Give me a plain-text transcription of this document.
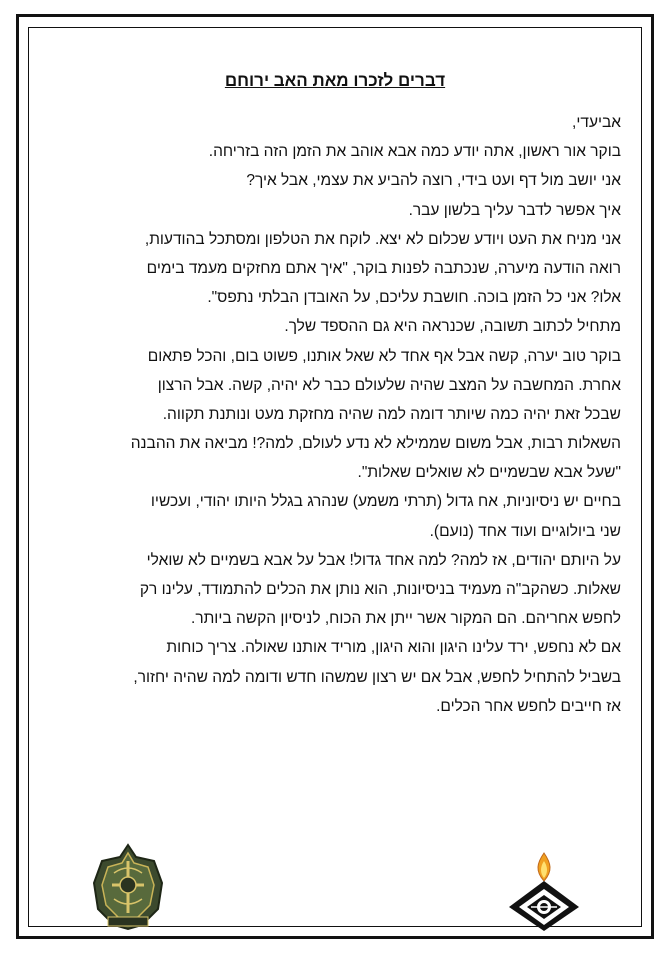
דברים לזכרו מאת האב ירוחם
אביעדי,
בוקר אור ראשון, אתה יודע כמה אבא אוהב את הזמן הזה בזריחה.
אני יושב מול דף ועט בידי, רוצה להביע את עצמי, אבל איך?
איך אפשר לדבר עליך בלשון עבר.
אני מניח את העט ויודע שכלום לא יצא. לוקח את הטלפון ומסתכל בהודעות,
רואה הודעה מיערה, שנכתבה לפנות בוקר, "איך אתם מחזקים מעמד בימים
אלו? אני כל הזמן בוכה. חושבת עליכם, על האובדן הבלתי נתפס".
מתחיל לכתוב תשובה, שכנראה היא גם ההספד שלך.
בוקר טוב יערה, קשה אבל אף אחד לא שאל אותנו, פשוט בום, והכל פתאום
אחרת. המחשבה על המצב שהיה שלעולם כבר לא יהיה, קשה. אבל הרצון
שבכל זאת יהיה כמה שיותר דומה למה שהיה מחזקת מעט ונותנת תקווה.
השאלות רבות, אבל משום שממילא לא נדע לעולם, למה?! מביאה את ההבנה
"שעל אבא שבשמיים לא שואלים שאלות".
בחיים יש ניסיוניות, אח גדול (תרתי משמע) שנהרג בגלל היותו יהודי, ועכשיו
שני ביולוגיים ועוד אחד (נועם).
על היותם יהודים, אז למה? למה אחד גדול! אבל על אבא בשמיים לא שואלי
שאלות. כשהקב"ה מעמיד בניסיונות, הוא נותן את הכלים להתמודד, עלינו רק
לחפש אחריהם. הם המקור אשר ייתן את הכוח, לניסיון הקשה ביותר.
אם לא נחפש, ירד עלינו היגון והוא היגון, מוריד אותנו שאולה. צריך כוחות
בשביל להתחיל לחפש, אבל אם יש רצון שמשהו חדש ודומה למה שהיה יחזור,
אז חייבים לחפש אחר הכלים.
